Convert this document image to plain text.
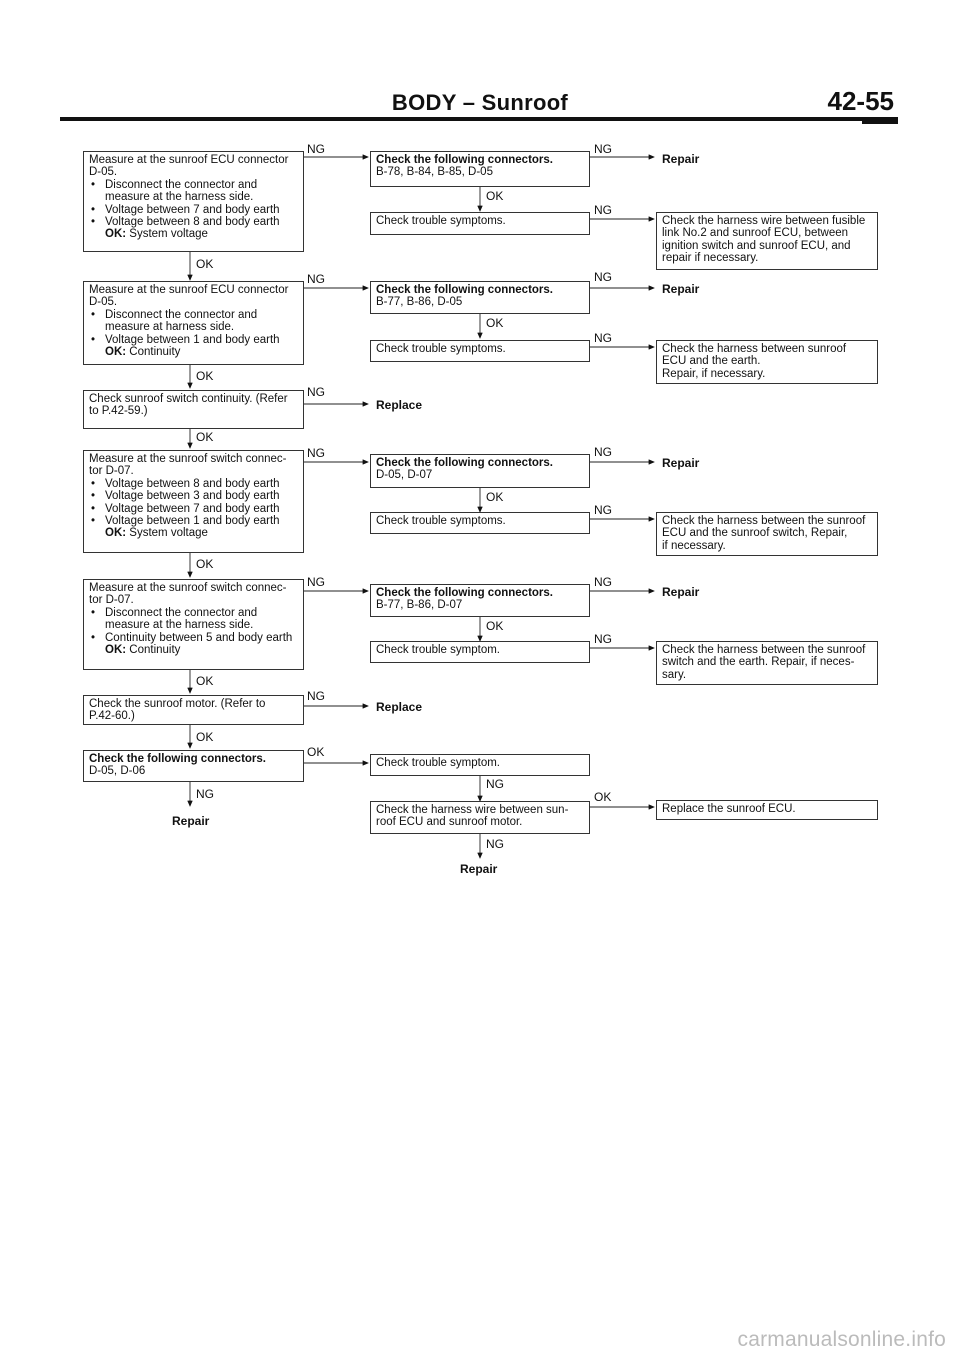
BODY – Sunroof	42-55
Measure at the sunroof ECU connector
D-05.
• Disconnect the connector and measure at the harness side.
• Voltage between 7 and body earth
• Voltage between 8 and body earth
OK: System voltage
Measure at the sunroof ECU connector
D-05.
• Disconnect the connector and measure at harness side.
• Voltage between 1 and body earth
OK: Continuity
Check sunroof switch continuity. (Refer
to P.42-59.)
Measure at the sunroof switch connec-
tor D-07.
• Voltage between 8 and body earth
• Voltage between 3 and body earth
• Voltage between 7 and body earth
• Voltage between 1 and body earth
OK: System voltage
Measure at the sunroof switch connec-
tor D-07.
• Disconnect the connector and measure at the harness side.
• Continuity between 5 and body earth
OK: Continuity
Check the sunroof motor. (Refer to
P.42-60.)
Check the following connectors.
D-05, D-06
Check the following connectors.
B-78, B-84, B-85, D-05
Check trouble symptoms.
Check the following connectors.
B-77, B-86, D-05
Check trouble symptoms.
Check the following connectors.
D-05, D-07
Check trouble symptoms.
Check the following connectors.
B-77, B-86, D-07
Check trouble symptom.
Check trouble symptom.
Check the harness wire between sun-
roof ECU and sunroof motor.
Check the harness wire between fusible
link No.2 and sunroof ECU, between
ignition switch and sunroof ECU, and
repair if necessary.
Check the harness between sunroof
ECU and the earth.
Repair, if necessary.
Check the harness between the sunroof
ECU and the sunroof switch, Repair,
if necessary.
Check the harness between the sunroof
switch and the earth. Repair, if neces-
sary.
Replace the sunroof ECU.
NG
OK
NG
OK
NG
OK
NG
OK
NG
OK
NG
OK
OK
NG
Repair
Replace
Replace
NG
OK
NG
NG
OK
NG
NG
OK
NG
NG
OK
NG
NG
OK
NG
Repair
Repair
Repair
Repair
Repair
carmanualsonline.info
